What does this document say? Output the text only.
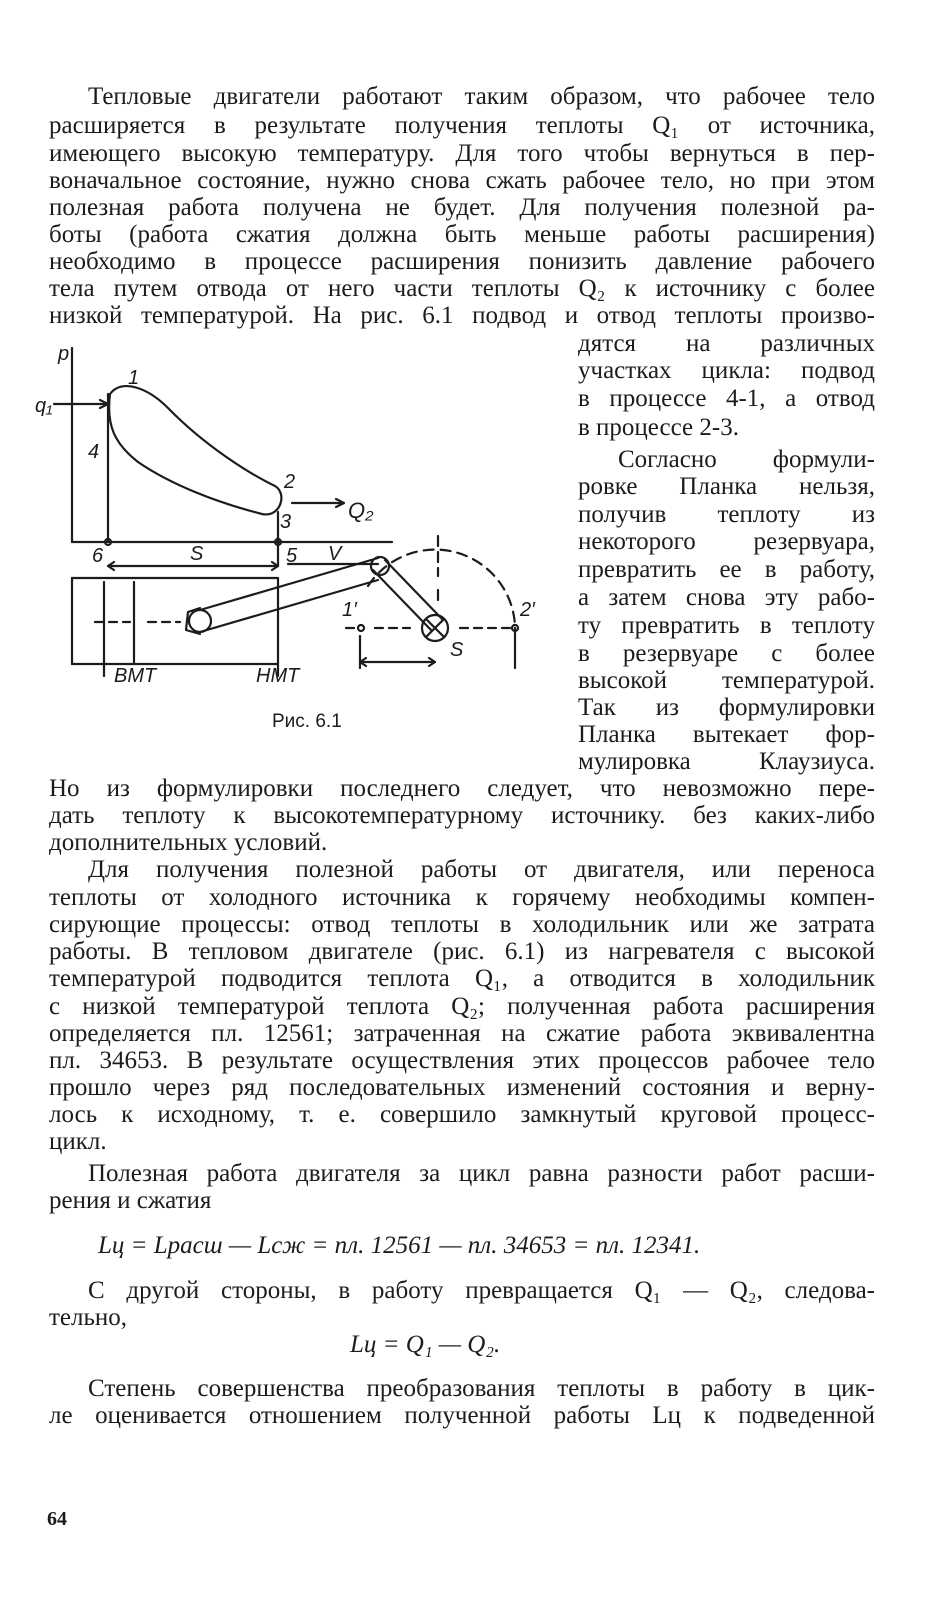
Тепловые двигатели работают таким образом, что рабочее тело
расширяется в результате получения теплоты Q₁ от источника,
имеющего высокую температуру. Для того чтобы вернуться в пер-
воначальное состояние, нужно снова сжать рабочее тело, но при этом
полезная работа получена не будет. Для получения полезной ра-
боты (работа сжатия должна быть меньше работы расширения)
необходимо в процессе расширения понизить давление рабочего
тела путем отвода от него части теплоты Q₂ к источнику с более
низкой температурой. На рис. 6.1 подвод и отвод теплоты произво-
дятся на различных
участках цикла: подвод
в процессе 4-1, а отвод
в процессе 2-3.
Согласно формули-
ровке Планка нельзя,
получив теплоту из
некоторого резервуара,
превратить ее в работу,
а затем снова эту рабо-
ту превратить в теплоту
в резервуаре с более
высокой температурой.
Так из формулировки
Планка вытекает фор-
мулировка Клаузиуса.
Но из формулировки последнего следует, что невозможно пере-
дать теплоту к высокотемпературному источнику. без каких-либо
дополнительных условий.
p
q₁
1
4
2
3	Q₂
6	5
S	V
1′	2′
S
ВМТ	НМТ
Рис. 6.1
Для получения полезной работы от двигателя, или переноса
теплоты от холодного источника к горячему необходимы компен-
сирующие процессы: отвод теплоты в холодильник или же затрата
работы. В тепловом двигателе (рис. 6.1) из нагревателя с высокой
температурой подводится теплота Q₁, а отводится в холодильник
с низкой температурой теплота Q₂; полученная работа расширения
определяется пл. 12561; затраченная на сжатие работа эквивалентна
пл. 34653. В результате осуществления этих процессов рабочее тело
прошло через ряд последовательных изменений состояния и верну-
лось к исходному, т. е. совершило замкнутый круговой процесс-
цикл.
Полезная работа двигателя за цикл равна разности работ расши-
рения и сжатия
Lц = Lрасш — Lсж = пл. 12561 — пл. 34653 = пл. 12341.
С другой стороны, в работу превращается Q₁ — Q₂, следова-
тельно,
Lц = Q₁ — Q₂.
Степень совершенства преобразования теплоты в работу в цик-
ле оценивается отношением полученной работы Lц к подведенной
64
